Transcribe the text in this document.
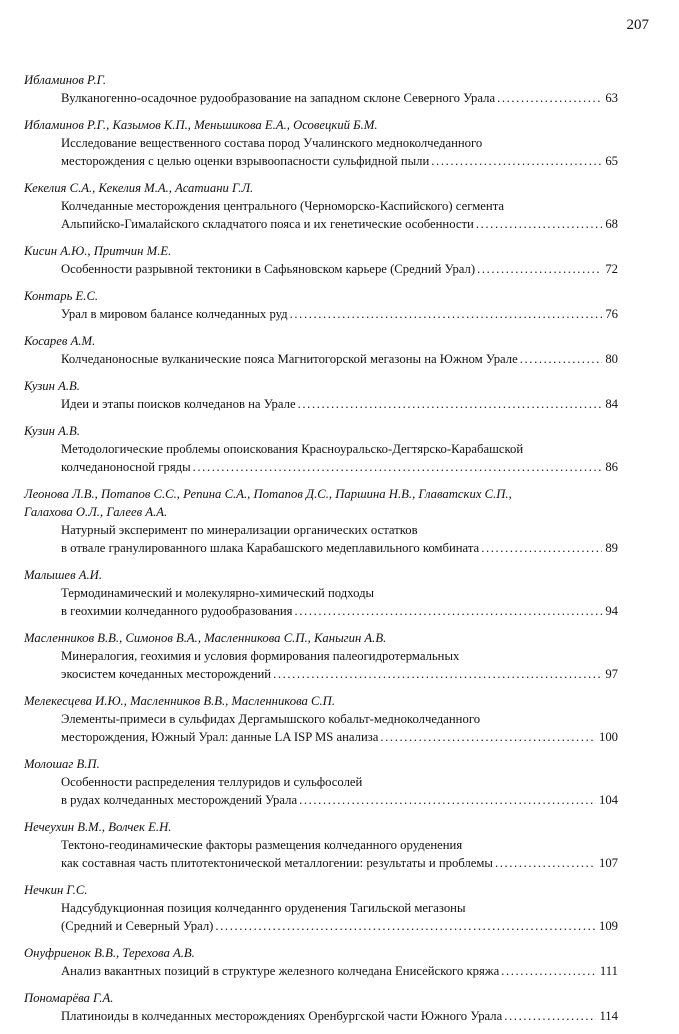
207
Ибламинов Р.Г.
Вулканогенно-осадочное рудообразование на западном склоне Северного Урала .....	63
Ибламинов Р.Г., Казымов К.П., Меньшикова Е.А., Осовецкий Б.М.
Исследование вещественного состава пород Учалинского медноколчеданного
месторождения с целью оценки взрывоопасности сульфидной пыли .....	65
Кекелия С.А., Кекелия М.А., Асатиани Г.Л.
Колчеданные месторождения центрального (Черноморско-Каспийского) сегмента
Альпийско-Гималайского складчатого пояса и их генетические особенности .....	68
Кисин А.Ю., Притчин М.Е.
Особенности разрывной тектоники в Сафьяновском карьере (Средний Урал) .....	72
Контарь Е.С.
Урал в мировом балансе колчеданных руд .....	76
Косарев А.М.
Колчеданоносные вулканические пояса Магнитогорской мегазоны на Южном Урале .....	80
Кузин А.В.
Идеи и этапы поисков колчеданов на Урале .....	84
Кузин А.В.
Методологические проблемы опоискования Красноуральско-Дегтярско-Карабашской
колчеданоносной гряды .....	86
Леонова Л.В., Потапов С.С., Репина С.А., Потапов Д.С., Паршина Н.В., Главатских С.П.,
Галахова О.Л., Галеев А.А.
Натурный эксперимент по минерализации органических остатков
в отвале гранулированного шлака Карабашского медеплавильного комбината .....	89
Малышев А.И.
Термодинамический и молекулярно-химический подходы
в геохимии колчеданного рудообразования .....	94
Масленников В.В., Симонов В.А., Масленникова С.П., Каныгин А.В.
Минералогия, геохимия и условия формирования палеогидротермальных
экосистем кочеданных месторождений .....	97
Мелекесцева И.Ю., Масленников В.В., Масленникова С.П.
Элементы-примеси в сульфидах Дергамышского кобальт-медноколчеданного
месторождения, Южный Урал: данные LA ISP MS анализа .....	100
Молошаг В.П.
Особенности распределения теллуридов и сульфосолей
в рудах колчеданных месторождений Урала .....	104
Нечеухин В.М., Волчек Е.Н.
Тектоно-геодинамические факторы размещения колчеданного оруденения
как составная часть плитотектонической металлогении: результаты и проблемы .....	107
Нечкин Г.С.
Надсубдукционная позиция колчеданнго оруденения Тагильской мегазоны
(Средний и Северный Урал) .....	109
Онуфриенок В.В., Терехова А.В.
Анализ вакантных позиций в структуре железного колчедана Енисейского кряжа .....	111
Пономарёва Г.А.
Платиноиды в колчеданных месторождениях Оренбургской части Южного Урала .....	114
